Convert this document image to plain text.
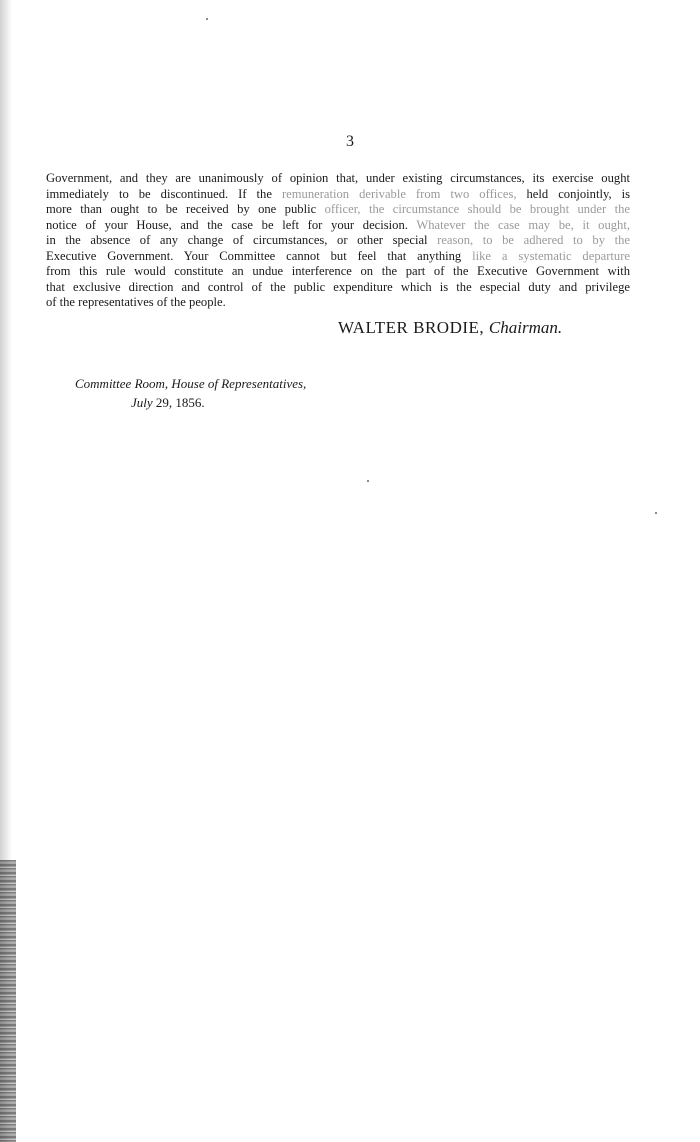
3
Government, and they are unanimously of opinion that, under existing circumstances, its exercise ought
immediately to be discontinued. If the remuneration derivable from two offices, held conjointly, is
more than ought to be received by one public officer, the circumstance should be brought under the
notice of your House, and the case be left for your decision. Whatever the case may be, it ought,
in the absence of any change of circumstances, or other special reason, to be adhered to by the
Executive Government. Your Committee cannot but feel that anything like a systematic departure
from this rule would constitute an undue interference on the part of the Executive Government with
that exclusive direction and control of the public expenditure which is the especial duty and privilege
of the representatives of the people.
WALTER BRODIE, Chairman.
Committee Room, House of Representatives,
July 29, 1856.
